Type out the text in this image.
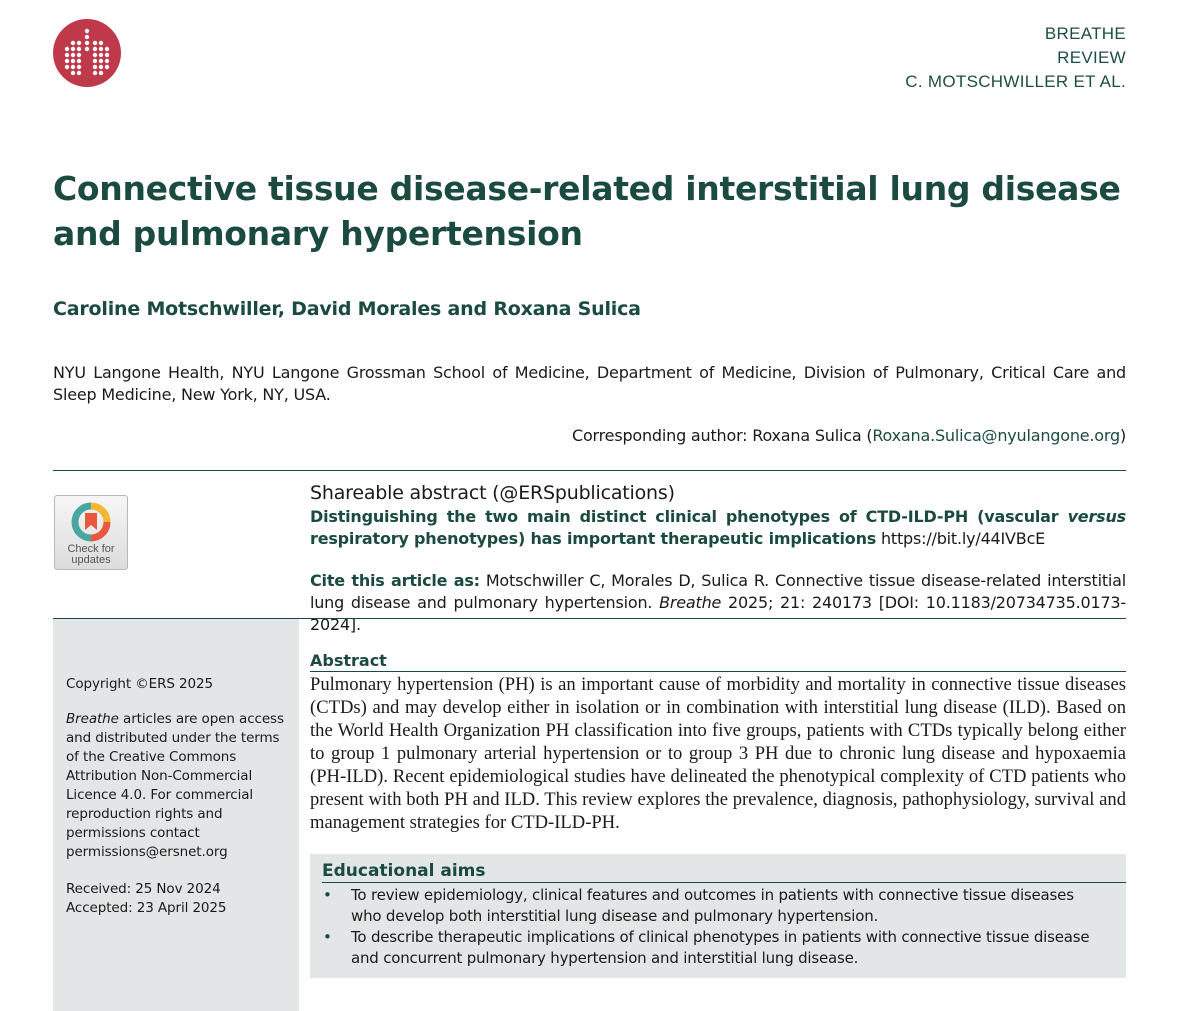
BREATHE
REVIEW
C. MOTSCHWILLER ET AL.
Connective tissue disease-related interstitial lung disease and pulmonary hypertension

Caroline Motschwiller, David Morales and Roxana Sulica

NYU Langone Health, NYU Langone Grossman School of Medicine, Department of Medicine, Division of Pulmonary, Critical Care and Sleep Medicine, New York, NY, USA.

Corresponding author: Roxana Sulica (Roxana.Sulica@nyulangone.org)

Check for
updates
Shareable abstract (@ERSpublications)
Distinguishing the two main distinct clinical phenotypes of CTD-ILD-PH (vascular versus respiratory phenotypes) has important therapeutic implications https://bit.ly/44IVBcE
Cite this article as: Motschwiller C, Morales D, Sulica R. Connective tissue disease-related interstitial lung disease and pulmonary hypertension. Breathe 2025; 21: 240173 [DOI: 10.1183/20734735.0173-2024].

Copyright ©ERS 2025

Breathe articles are open access and distributed under the terms of the Creative Commons Attribution Non-Commercial Licence 4.0. For commercial reproduction rights and permissions contact permissions@ersnet.org

Received: 25 Nov 2024

Accepted: 23 April 2025

Abstract

Pulmonary hypertension (PH) is an important cause of morbidity and mortality in connective tissue diseases (CTDs) and may develop either in isolation or in combination with interstitial lung disease (ILD). Based on the World Health Organization PH classification into five groups, patients with CTDs typically belong either to group 1 pulmonary arterial hypertension or to group 3 PH due to chronic lung disease and hypoxaemia (PH-ILD). Recent epidemiological studies have delineated the phenotypical complexity of CTD patients who present with both PH and ILD. This review explores the prevalence, diagnosis, pathophysiology, survival and management strategies for CTD-ILD-PH.

Educational aims
• To review epidemiology, clinical features and outcomes in patients with connective tissue diseases who develop both interstitial lung disease and pulmonary hypertension.
• To describe therapeutic implications of clinical phenotypes in patients with connective tissue disease and concurrent pulmonary hypertension and interstitial lung disease.
